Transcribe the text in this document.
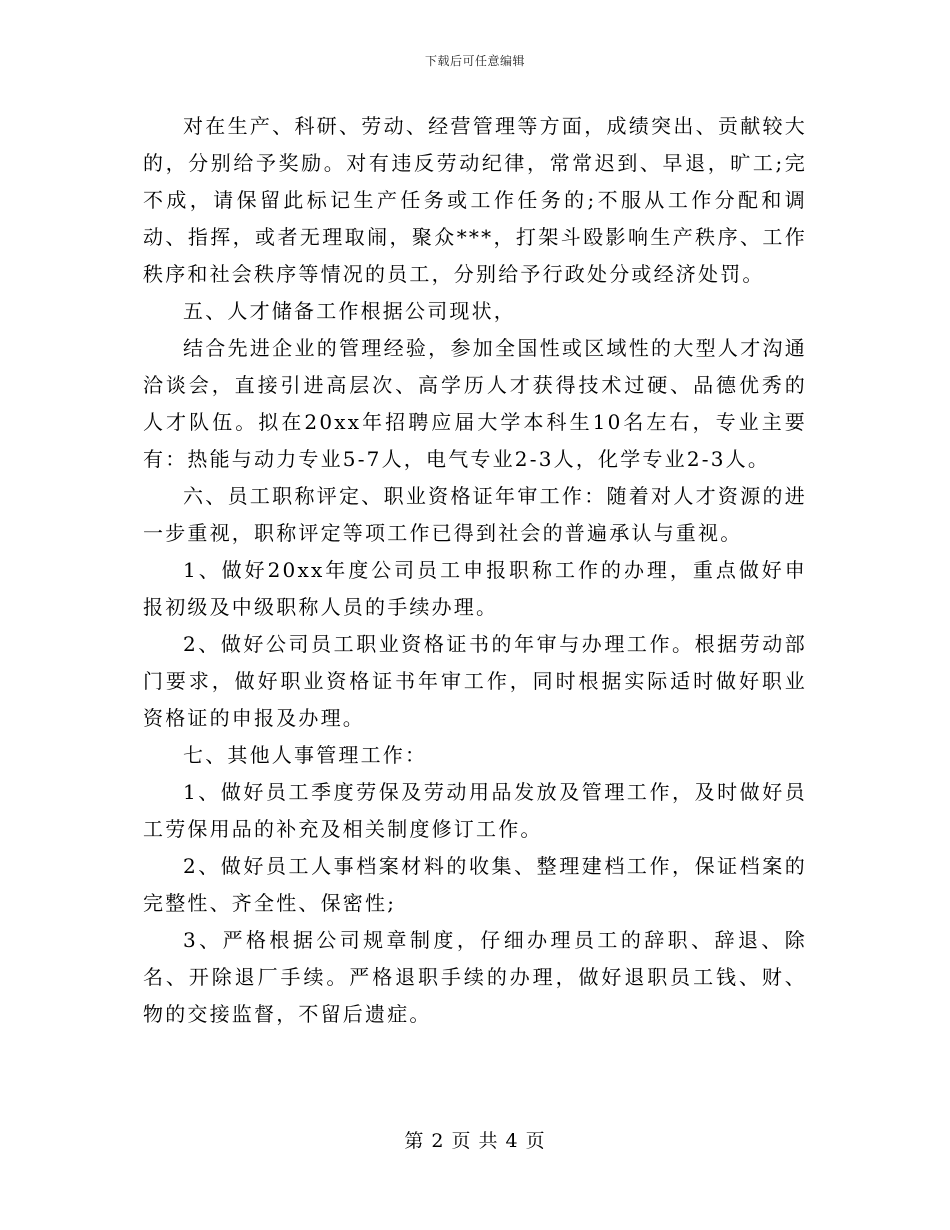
下载后可任意编辑

对在生产、科研、劳动、经营管理等方面，成绩突出、贡献较大的，分别给予奖励。对有违反劳动纪律，常常迟到、早退，旷工;完不成，请保留此标记生产任务或工作任务的;不服从工作分配和调动、指挥，或者无理取闹，聚众***，打架斗殴影响生产秩序、工作秩序和社会秩序等情况的员工，分别给予行政处分或经济处罚。

五、人才储备工作根据公司现状，

结合先进企业的管理经验，参加全国性或区域性的大型人才沟通洽谈会，直接引进高层次、高学历人才获得技术过硬、品德优秀的人才队伍。拟在20xx年招聘应届大学本科生10名左右，专业主要有：热能与动力专业5-7人，电气专业2-3人，化学专业2-3人。

六、员工职称评定、职业资格证年审工作：随着对人才资源的进一步重视，职称评定等项工作已得到社会的普遍承认与重视。

1、做好20xx年度公司员工申报职称工作的办理，重点做好申报初级及中级职称人员的手续办理。

2、做好公司员工职业资格证书的年审与办理工作。根据劳动部门要求，做好职业资格证书年审工作，同时根据实际适时做好职业资格证的申报及办理。

七、其他人事管理工作：

1、做好员工季度劳保及劳动用品发放及管理工作，及时做好员工劳保用品的补充及相关制度修订工作。

2、做好员工人事档案材料的收集、整理建档工作，保证档案的完整性、齐全性、保密性;

3、严格根据公司规章制度，仔细办理员工的辞职、辞退、除名、开除退厂手续。严格退职手续的办理，做好退职员工钱、财、物的交接监督，不留后遗症。

第 2 页 共 4 页
